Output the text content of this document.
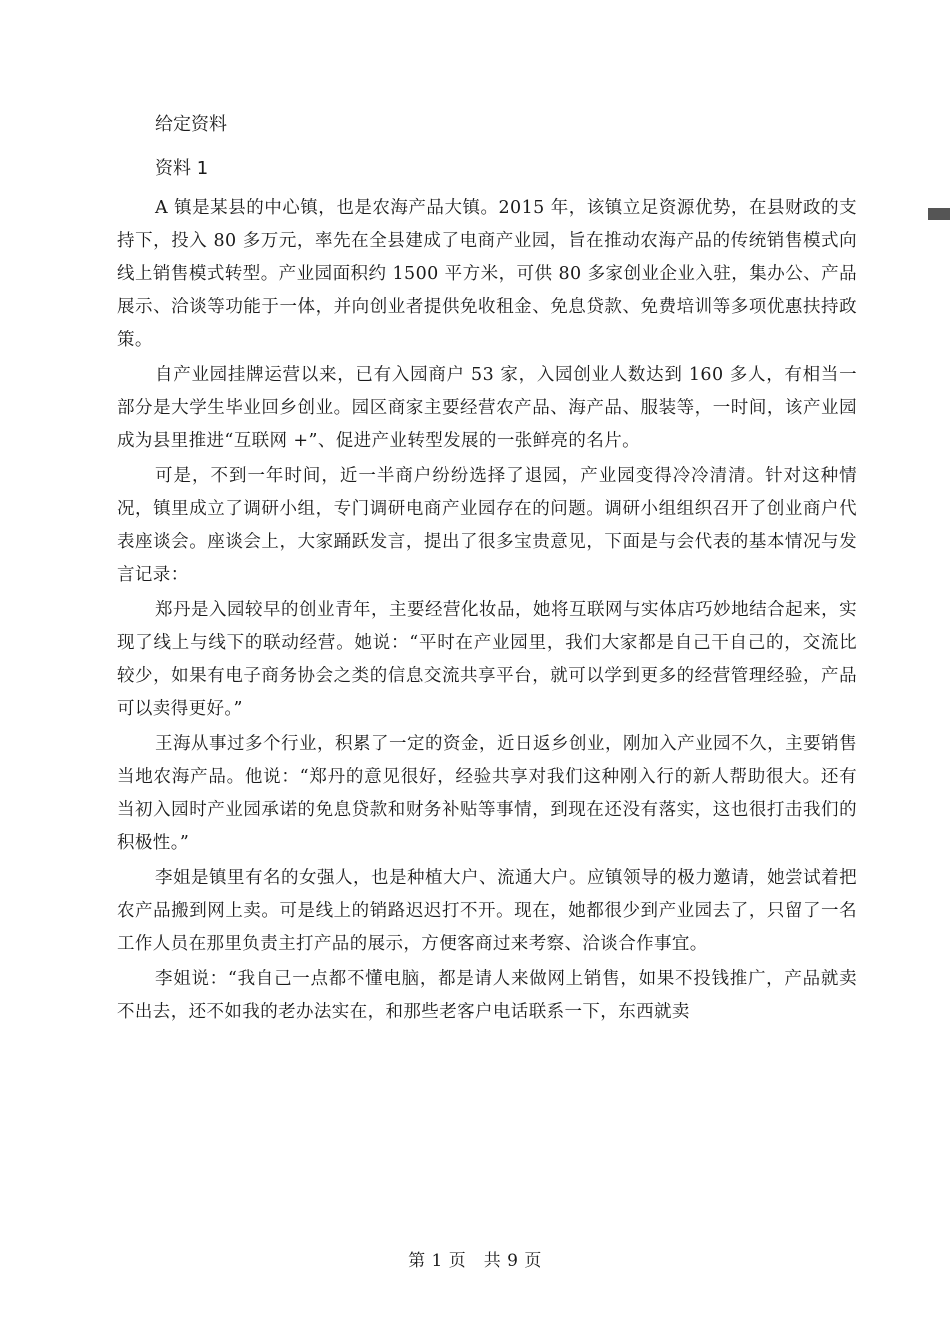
给定资料
资料 1

A 镇是某县的中心镇，也是农海产品大镇。2015 年，该镇立足资源优势，在县财政的支持下，投入 80 多万元，率先在全县建成了电商产业园，旨在推动农海产品的传统销售模式向线上销售模式转型。产业园面积约 1500 平方米，可供 80 多家创业企业入驻，集办公、产品展示、洽谈等功能于一体，并向创业者提供免收租金、免息贷款、免费培训等多项优惠扶持政策。

自产业园挂牌运营以来，已有入园商户 53 家，入园创业人数达到 160 多人，有相当一部分是大学生毕业回乡创业。园区商家主要经营农产品、海产品、服装等，一时间，该产业园成为县里推进“互联网 +”、促进产业转型发展的一张鲜亮的名片。

可是，不到一年时间，近一半商户纷纷选择了退园，产业园变得冷冷清清。针对这种情况，镇里成立了调研小组，专门调研电商产业园存在的问题。调研小组组织召开了创业商户代表座谈会。座谈会上，大家踊跃发言，提出了很多宝贵意见，下面是与会代表的基本情况与发言记录：

郑丹是入园较早的创业青年，主要经营化妆品，她将互联网与实体店巧妙地结合起来，实现了线上与线下的联动经营。她说：“平时在产业园里，我们大家都是自己干自己的，交流比较少，如果有电子商务协会之类的信息交流共享平台，就可以学到更多的经营管理经验，产品可以卖得更好。”

王海从事过多个行业，积累了一定的资金，近日返乡创业，刚加入产业园不久，主要销售当地农海产品。他说：“郑丹的意见很好，经验共享对我们这种刚入行的新人帮助很大。还有当初入园时产业园承诺的免息贷款和财务补贴等事情，到现在还没有落实，这也很打击我们的积极性。”

李姐是镇里有名的女强人，也是种植大户、流通大户。应镇领导的极力邀请，她尝试着把农产品搬到网上卖。可是线上的销路迟迟打不开。现在，她都很少到产业园去了，只留了一名工作人员在那里负责主打产品的展示，方便客商过来考察、洽谈合作事宜。

李姐说：“我自己一点都不懂电脑，都是请人来做网上销售，如果不投钱推广，产品就卖不出去，还不如我的老办法实在，和那些老客户电话联系一下，东西就卖

第 1 页　共 9 页
